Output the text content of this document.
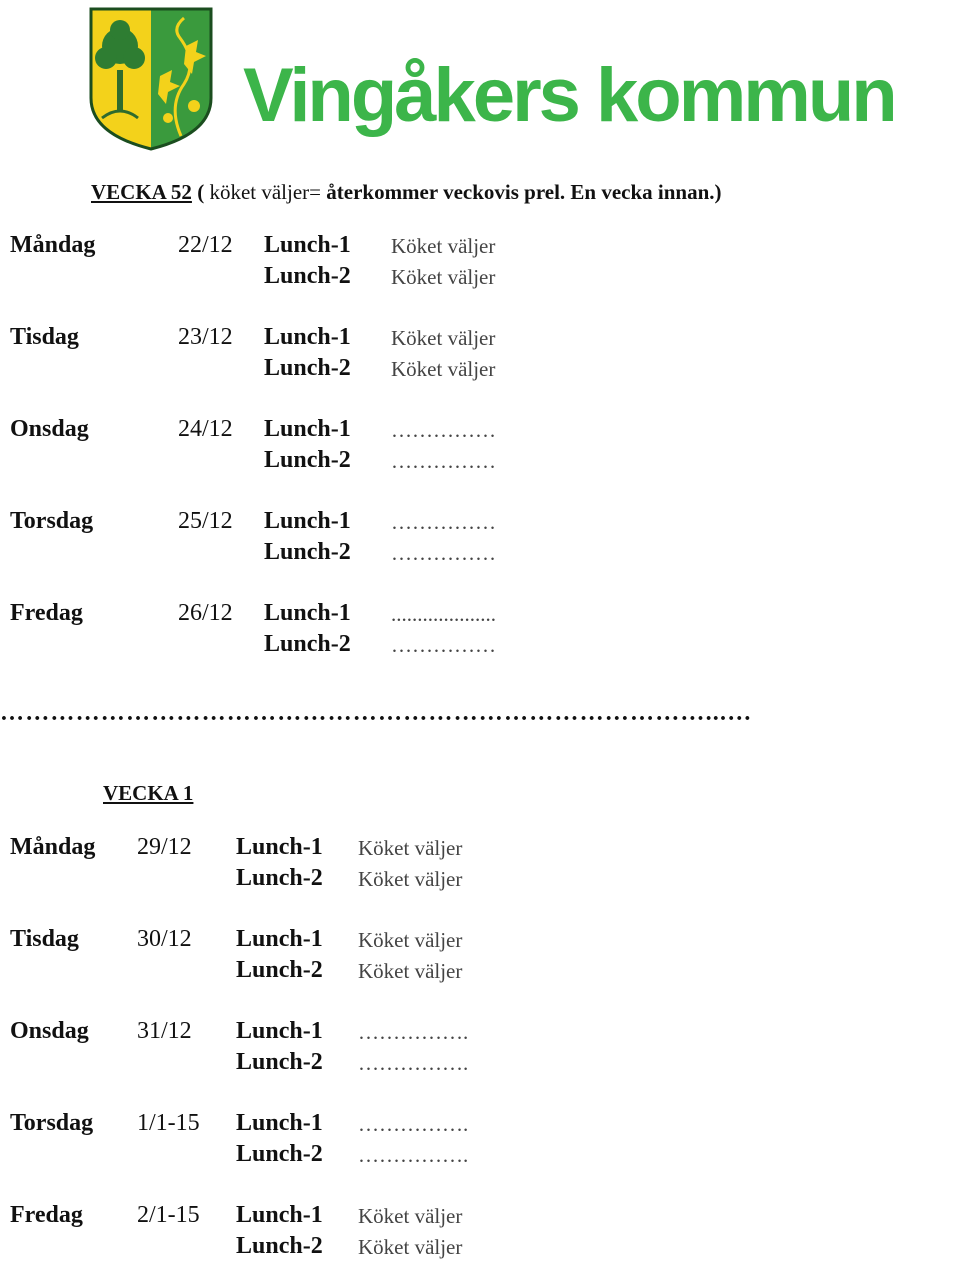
Vingåkers kommun
VECKA 52 ( köket väljer= återkommer veckovis prel. En vecka innan.)
Måndag	22/12 Lunch-1 Köket väljer
Lunch-2 Köket väljer
Tisdag	23/12 Lunch-1 Köket väljer
Lunch-2 Köket väljer
Onsdag	24/12 Lunch-1 ……………
Lunch-2 ……………
Torsdag	25/12 Lunch-1 ……………
Lunch-2 ……………
Fredag	26/12 Lunch-1 ....................
Lunch-2 ……………
…………………………………………………………………………...…
VECKA 1
Måndag 29/12 Lunch-1 Köket väljer
Lunch-2 Köket väljer
Tisdag 30/12 Lunch-1 Köket väljer
Lunch-2 Köket väljer
Onsdag 31/12 Lunch-1 …………….
Lunch-2 …………….
Torsdag 1/1-15 Lunch-1 …………….
Lunch-2 …………….
Fredag 2/1-15 Lunch-1 Köket väljer
Lunch-2 Köket väljer
